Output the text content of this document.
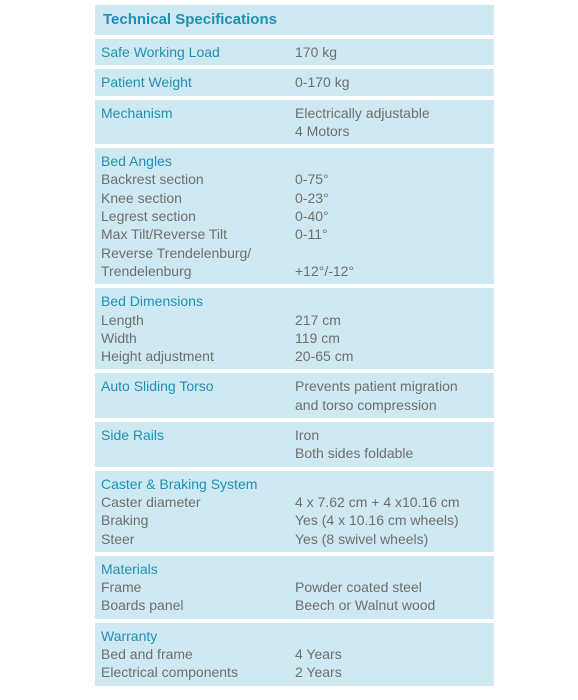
Technical Specifications
Safe Working Load	170 kg
Patient Weight	0-170 kg
Mechanism	Electrically adjustable
4 Motors
Bed Angles
Backrest section	0-75°
Knee section	0-23°
Legrest section	0-40°
Max Tilt/Reverse Tilt	0-11°
Reverse Trendelenburg/
Trendelenburg	+12°/-12°
Bed Dimensions
Length	217 cm
Width	119 cm
Height adjustment	20-65 cm
Auto Sliding Torso	Prevents patient migration
and torso compression
Side Rails	Iron
Both sides foldable
Caster & Braking System
Caster diameter	4 x 7.62 cm + 4 x10.16 cm
Braking	Yes (4 x 10.16 cm wheels)
Steer	Yes (8 swivel wheels)
Materials
Frame	Powder coated steel
Boards panel	Beech or Walnut wood
Warranty
Bed and frame	4 Years
Electrical components	2 Years
